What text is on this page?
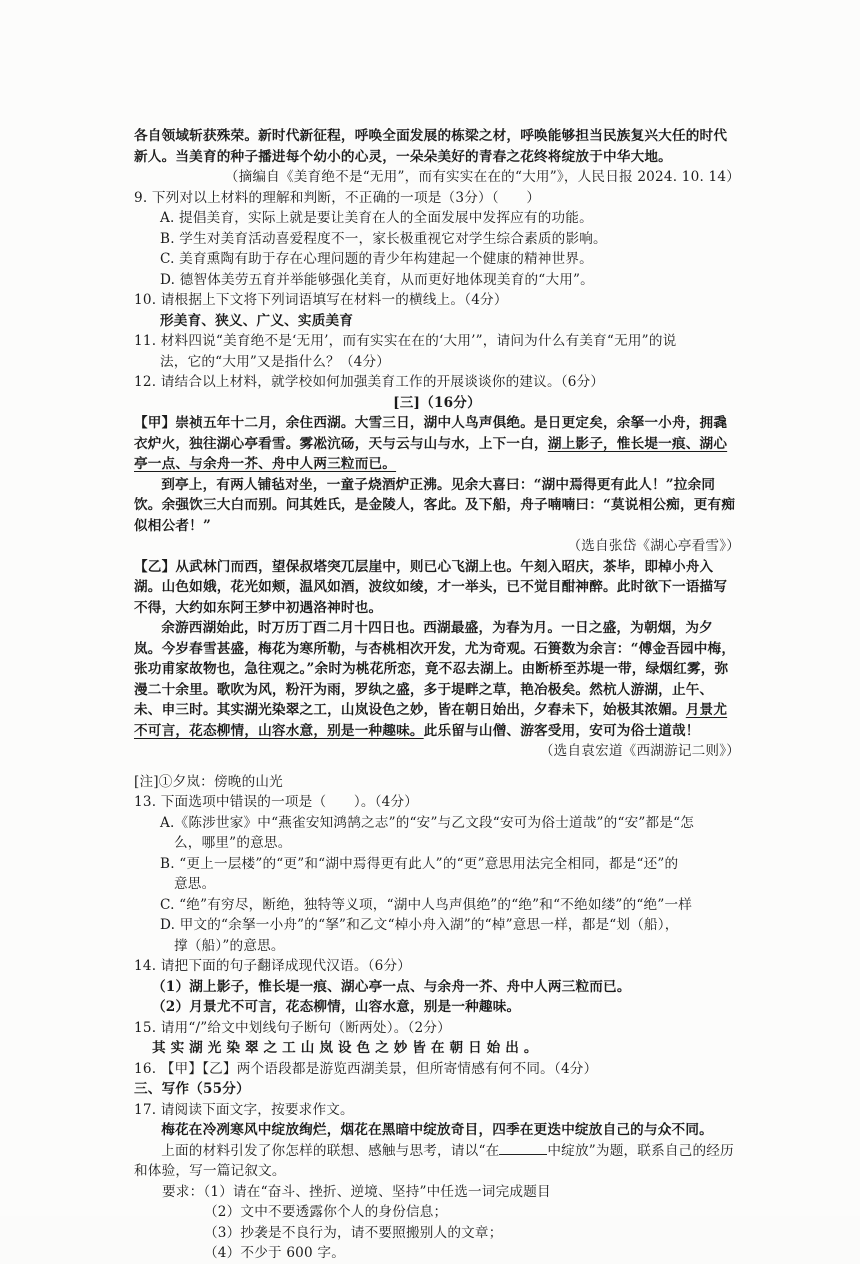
各自领域斩获殊荣。新时代新征程，呼唤全面发展的栋梁之材，呼唤能够担当民族复兴大任的时代新人。当美育的种子播进每个幼小的心灵，一朵朵美好的青春之花终将绽放于中华大地。

（摘编自《美育绝不是“无用”，而有实实在在的“大用”》，人民日报 2024. 10. 14）

9. 下列对以上材料的理解和判断，不正确的一项是（3分）（　　）

A. 提倡美育，实际上就是要让美育在人的全面发展中发挥应有的功能。

B. 学生对美育活动喜爱程度不一，家长极重视它对学生综合素质的影响。

C. 美育熏陶有助于存在心理问题的青少年构建起一个健康的精神世界。

D. 德智体美劳五育并举能够强化美育，从而更好地体现美育的“大用”。

10. 请根据上下文将下列词语填写在材料一的横线上。（4分）

形美育、狭义、广义、实质美育

11. 材料四说“美育绝不是‘无用’，而有实实在在的‘大用’”，请问为什么有美育“无用”的说

法，它的“大用”又是指什么？（4分）

12. 请结合以上材料，就学校如何加强美育工作的开展谈谈你的建议。（6分）

[三]（16分）

【甲】崇祯五年十二月，余住西湖。大雪三日，湖中人鸟声俱绝。是日更定矣，余拏一小舟，拥毳衣炉火，独往湖心亭看雪。雾凇沆砀，天与云与山与水，上下一白，湖上影子，惟长堤一痕、湖心亭一点、与余舟一芥、舟中人两三粒而已。

到亭上，有两人铺毡对坐，一童子烧酒炉正沸。见余大喜曰：“湖中焉得更有此人！”拉余同饮。余强饮三大白而别。问其姓氏，是金陵人，客此。及下船，舟子喃喃曰：“莫说相公痴，更有痴似相公者！”

（选自张岱《湖心亭看雪》）

【乙】从武林门而西，望保叔塔突兀层崖中，则已心飞湖上也。午刻入昭庆，茶毕，即棹小舟入湖。山色如娥，花光如颊，温风如酒，波纹如绫，才一举头，已不觉目酣神醉。此时欲下一语描写不得，大约如东阿王梦中初遇洛神时也。

余游西湖始此，时万历丁酉二月十四日也。西湖最盛，为春为月。一日之盛，为朝烟，为夕岚。今岁春雪甚盛，梅花为寒所勒，与杏桃相次开发，尤为奇观。石篑数为余言：“傅金吾园中梅，张功甫家故物也，急往观之。”余时为桃花所恋，竟不忍去湖上。由断桥至苏堤一带，绿烟红雾，弥漫二十余里。歌吹为风，粉汗为雨，罗纨之盛，多于堤畔之草，艳冶极矣。然杭人游湖，止午、未、申三时。其实湖光染翠之工，山岚设色之妙，皆在朝日始出，夕舂未下，始极其浓媚。月景尤不可言，花态柳情，山容水意，别是一种趣味。此乐留与山僧、游客受用，安可为俗士道哉！

（选自袁宏道《西湖游记二则》）

[注]①夕岚：傍晚的山光

13. 下面选项中错误的一项是（　　）。（4分）

A.《陈涉世家》中“燕雀安知鸿鹄之志”的“安”与乙文段“安可为俗士道哉”的“安”都是“怎

么，哪里”的意思。

B. “更上一层楼”的“更”和“湖中焉得更有此人”的“更”意思用法完全相同，都是“还”的

意思。

C. “绝”有穷尽，断绝，独特等义项，“湖中人鸟声俱绝”的“绝”和“不绝如缕”的“绝”一样

D. 甲文的“余拏一小舟”的“拏”和乙文“棹小舟入湖”的“棹”意思一样，都是“划（船），

撑（船）”的意思。

14. 请把下面的句子翻译成现代汉语。（6分）

（1）湖上影子，惟长堤一痕、湖心亭一点、与余舟一芥、舟中人两三粒而已。

（2）月景尤不可言，花态柳情，山容水意，别是一种趣味。

15. 请用“/”给文中划线句子断句（断两处）。（2分）

其实湖光染翠之工山岚设色之妙皆在朝日始出。

16. 【甲】【乙】两个语段都是游览西湖美景，但所寄情感有何不同。（4分）

三、写作（55分）

17. 请阅读下面文字，按要求作文。

梅花在冷冽寒风中绽放绚烂，烟花在黑暗中绽放奇目，四季在更迭中绽放自己的与众不同。

上面的材料引发了你怎样的联想、感触与思考，请以“在	中绽放”为题，联系自己的经历和体验，写一篇记叙文。

要求：（1）请在“奋斗、挫折、逆境、坚持”中任选一词完成题目

（2）文中不要透露你个人的身份信息；

（3）抄袭是不良行为，请不要照搬别人的文章；

（4）不少于 600 字。
